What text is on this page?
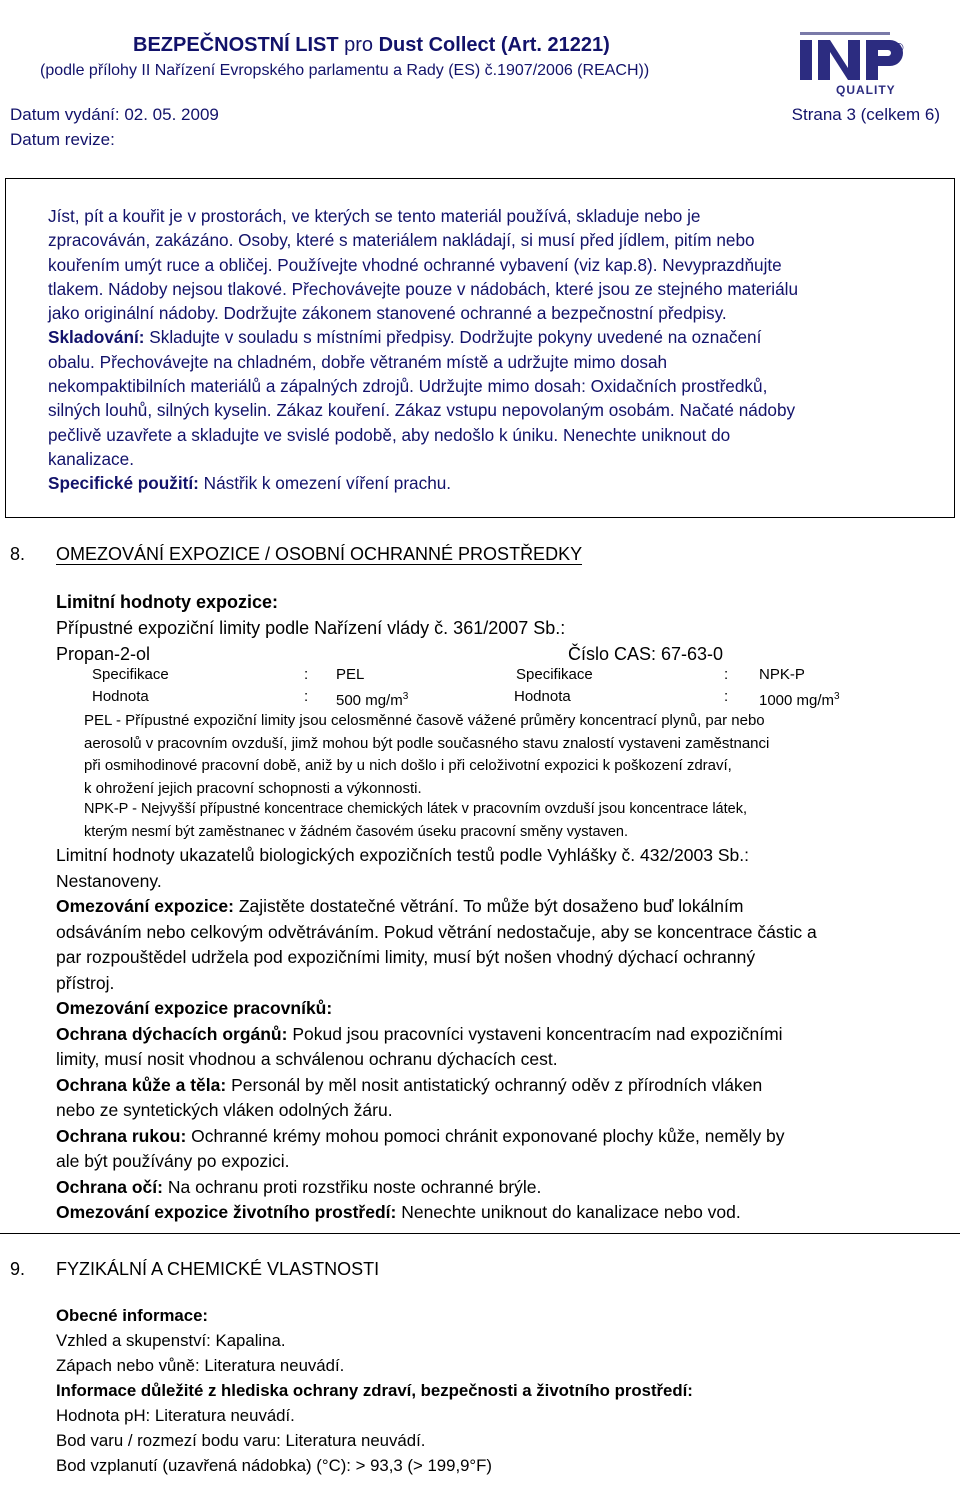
BEZPEČNOSTNÍ LIST pro Dust Collect (Art. 21221)
(podle přílohy II Nařízení Evropského parlamentu a Rady (ES) č.1907/2006 (REACH))
®
QUALITY
Datum vydání: 02. 05. 2009
Datum revize:
Strana 3 (celkem 6)
Jíst, pít a kouřit je v prostorách, ve kterých se tento materiál používá, skladuje nebo je
zpracováván, zakázáno. Osoby, které s materiálem nakládají, si musí před jídlem, pitím nebo
kouřením umýt ruce a obličej. Používejte vhodné ochranné vybavení (viz kap.8). Nevyprazdňujte
tlakem. Nádoby nejsou tlakové. Přechovávejte pouze v nádobách, které jsou ze stejného materiálu
jako originální nádoby. Dodržujte zákonem stanovené ochranné a bezpečnostní předpisy.
Skladování: Skladujte v souladu s místními předpisy. Dodržujte pokyny uvedené na označení
obalu. Přechovávejte na chladném, dobře větraném místě a udržujte mimo dosah
nekompaktibilních materiálů a zápalných zdrojů. Udržujte mimo dosah: Oxidačních prostředků,
silných louhů, silných kyselin. Zákaz kouření. Zákaz vstupu nepovolaným osobám. Načaté nádoby
pečlivě uzavřete a skladujte ve svislé podobě, aby nedošlo k úniku. Nenechte uniknout do
kanalizace.
Specifické použití: Nástřik k omezení víření prachu.
8. OMEZOVÁNÍ EXPOZICE / OSOBNÍ OCHRANNÉ PROSTŘEDKY
Limitní hodnoty expozice:
Přípustné expoziční limity podle Nařízení vlády č. 361/2007 Sb.:
Propan-2-ol	Číslo CAS: 67-63-0
Specifikace	: PEL	Specifikace	: NPK-P
Hodnota	: 500 $mg/m^3$	Hodnota	: 1000 $mg/m^3$
PEL - Přípustné expoziční limity jsou celosměnné časově vážené průměry koncentrací plynů, par nebo
aerosolů v pracovním ovzduší, jimž mohou být podle současného stavu znalostí vystaveni zaměstnanci
při osmihodinové pracovní době, aniž by u nich došlo i při celoživotní expozici k poškození zdraví,
k ohrožení jejich pracovní schopnosti a výkonnosti.
NPK-P - Nejvyšší přípustné koncentrace chemických látek v pracovním ovzduší jsou koncentrace látek,
kterým nesmí být zaměstnanec v žádném časovém úseku pracovní směny vystaven.
Limitní hodnoty ukazatelů biologických expozičních testů podle Vyhlášky č. 432/2003 Sb.:
Nestanoveny.
Omezování expozice: Zajistěte dostatečné větrání. To může být dosaženo buď lokálním
odsáváním nebo celkovým odvětráváním. Pokud větrání nedostačuje, aby se koncentrace částic a
par rozpouštědel udržela pod expozičními limity, musí být nošen vhodný dýchací ochranný
přístroj.
Omezování expozice pracovníků:
Ochrana dýchacích orgánů: Pokud jsou pracovníci vystaveni koncentracím nad expozičními
limity, musí nosit vhodnou a schválenou ochranu dýchacích cest.
Ochrana kůže a těla: Personál by měl nosit antistatický ochranný oděv z přírodních vláken
nebo ze syntetických vláken odolných žáru.
Ochrana rukou: Ochranné krémy mohou pomoci chránit exponované plochy kůže, neměly by
ale být používány po expozici.
Ochrana očí: Na ochranu proti rozstřiku noste ochranné brýle.
Omezování expozice životního prostředí: Nenechte uniknout do kanalizace nebo vod.
9. FYZIKÁLNÍ A CHEMICKÉ VLASTNOSTI
Obecné informace:
Vzhled a skupenství: Kapalina.
Zápach nebo vůně: Literatura neuvádí.
Informace důležité z hlediska ochrany zdraví, bezpečnosti a životního prostředí:
Hodnota pH: Literatura neuvádí.
Bod varu / rozmezí bodu varu: Literatura neuvádí.
Bod vzplanutí (uzavřená nádobka) (°C): > 93,3 (> 199,9°F)
